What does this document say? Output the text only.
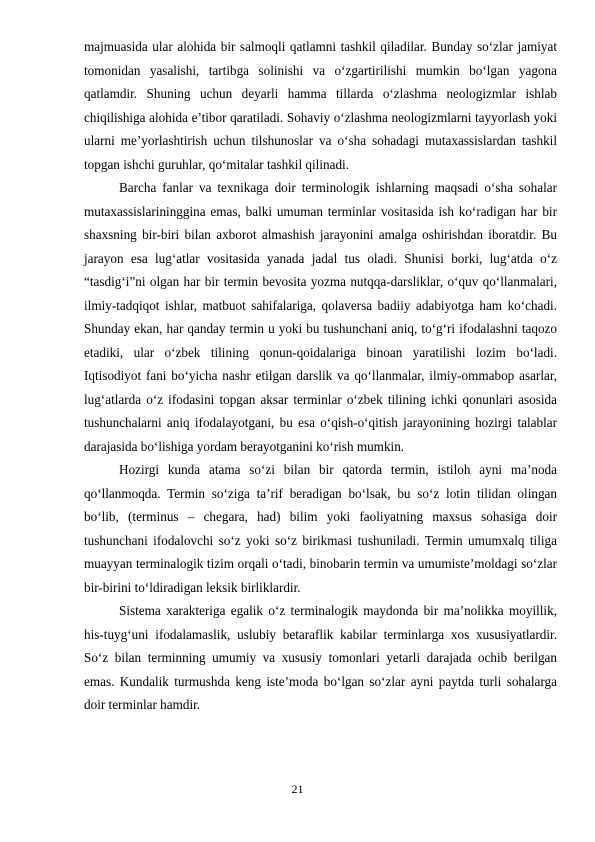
majmuasida ular alohida bir salmoqli qatlamni tashkil qiladilar. Bunday so‘zlar jamiyat tomonidan yasalishi, tartibga solinishi va o‘zgartirilishi mumkin bo‘lgan yagona qatlamdir. Shuning uchun deyarli hamma tillarda o‘zlashma neologizmlar ishlab chiqilishiga alohida e’tibor qaratiladi. Sohaviy o‘zlashma neologizmlarni tayyorlash yoki ularni me’yorlashtirish uchun tilshunoslar va o‘sha sohadagi mutaxassislardan tashkil topgan ishchi guruhlar, qo‘mitalar tashkil qilinadi.

Barcha fanlar va texnikaga doir terminologik ishlarning maqsadi o‘sha sohalar mutaxassislarininggina emas, balki umuman terminlar vositasida ish ko‘radigan har bir shaxsning bir-biri bilan axborot almashish jarayonini amalga oshirishdan iboratdir. Bu jarayon esa lug‘atlar vositasida yanada jadal tus oladi. Shunisi borki, lug‘atda o‘z “tasdig‘i”ni olgan har bir termin bevosita yozma nutqqa-darsliklar, o‘quv qo‘llanmalari, ilmiy-tadqiqot ishlar, matbuot sahifalariga, qolaversa badiiy adabiyotga ham ko‘chadi. Shunday ekan, har qanday termin u yoki bu tushunchani aniq, to‘g‘ri ifodalashni taqozo etadiki, ular o‘zbek tilining qonun-qoidalariga binoan yaratilishi lozim bo‘ladi. Iqtisodiyot fani bo‘yicha nashr etilgan darslik va qo‘llanmalar, ilmiy-ommabop asarlar, lug‘atlarda o‘z ifodasini topgan aksar terminlar o‘zbek tilining ichki qonunlari asosida tushunchalarni aniq ifodalayotgani, bu esa o‘qish-o‘qitish jarayonining hozirgi talablar darajasida bo‘lishiga yordam berayotganini ko‘rish mumkin.

Hozirgi kunda atama so‘zi bilan bir qatorda termin, istiloh ayni ma’noda qo‘llanmoqda. Termin so‘ziga ta’rif beradigan bo‘lsak, bu so‘z lotin tilidan olingan bo‘lib, (terminus – chegara, had) bilim yoki faoliyatning maxsus sohasiga doir tushunchani ifodalovchi so‘z yoki so‘z birikmasi tushuniladi. Termin umumxalq tiliga muayyan terminalogik tizim orqali o‘tadi, binobarin termin va umumiste’moldagi so‘zlar bir-birini to‘ldiradigan leksik birliklardir.

Sistema xarakteriga egalik o‘z terminalogik maydonda bir ma’nolikka moyillik, his-tuyg‘uni ifodalamaslik, uslubiy betaraflik kabilar terminlarga xos xususiyatlardir. So‘z bilan terminning umumiy va xususiy tomonlari yetarli darajada ochib berilgan emas. Kundalik turmushda keng iste’moda bo‘lgan so‘zlar ayni paytda turli sohalarga doir terminlar hamdir.

21
